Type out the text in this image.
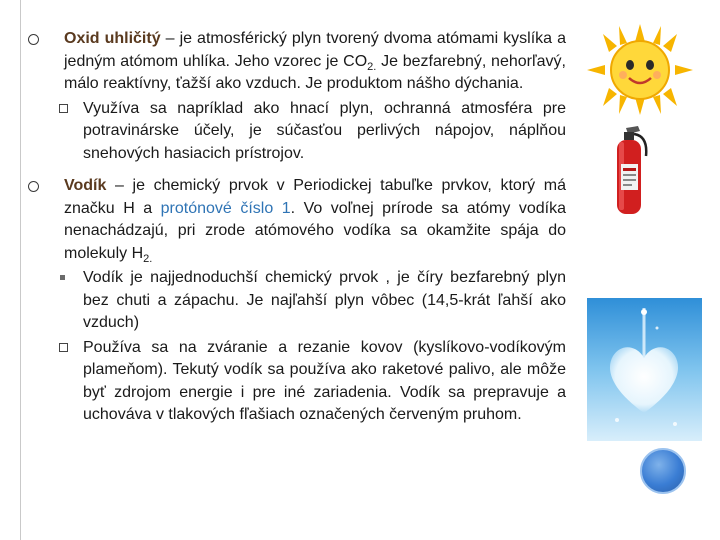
Oxid uhličitý – je atmosférický plyn tvorený dvoma atómami kyslíka a jedným atómom uhlíka. Jeho vzorec je $CO_{2.}$ Je bezfarebný, nehorľavý, málo reaktívny, ťažší ako vzduch. Je produktom nášho dýchania.
Využíva sa napríklad ako hnací plyn, ochranná atmosféra pre potravinárske účely, je súčasťou perlivých nápojov, náplňou snehových hasiacich prístrojov.
Vodík – je chemický prvok v Periodickej tabuľke prvkov, ktorý má značku H a protónové číslo 1. Vo voľnej prírode sa atómy vodíka nenachádzajú, pri zrode atómového vodíka sa okamžite spája do molekuly $H_{2.}$
Vodík je najjednoduchší chemický prvok , je číry bezfarebný plyn bez chuti a zápachu. Je najľahší plyn vôbec (14,5-krát ľahší ako vzduch)
Používa sa na zváranie a rezanie kovov (kyslíkovo-vodíkovým plameňom). Tekutý vodík sa používa ako raketové palivo, ale môže byť zdrojom energie i pre iné zariadenia. Vodík sa prepravuje a uchováva v tlakových fľašiach označených červeným pruhom.
